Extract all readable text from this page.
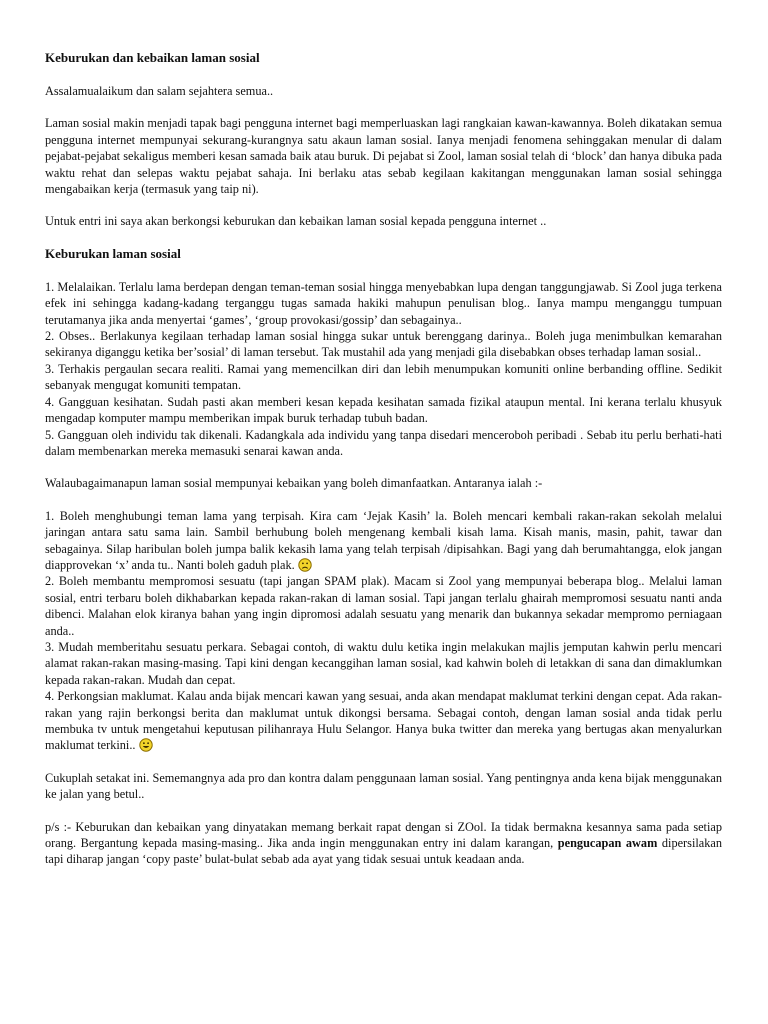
Keburukan dan kebaikan laman sosial
Assalamualaikum dan salam sejahtera semua..
Laman sosial makin menjadi tapak bagi pengguna internet bagi memperluaskan lagi rangkaian kawan-kawannya. Boleh dikatakan semua pengguna internet mempunyai sekurang-kurangnya satu akaun laman sosial. Ianya menjadi fenomena sehinggakan menular di dalam pejabat-pejabat sekaligus memberi kesan samada baik atau buruk. Di pejabat si Zool, laman sosial telah di ‘block’ dan hanya dibuka pada waktu rehat dan selepas waktu pejabat sahaja. Ini berlaku atas sebab kegilaan kakitangan menggunakan laman sosial sehingga mengabaikan kerja (termasuk yang taip ni).
Untuk entri ini saya akan berkongsi keburukan dan kebaikan laman sosial kepada pengguna internet ..
Keburukan laman sosial
1. Melalaikan. Terlalu lama berdepan dengan teman-teman sosial hingga menyebabkan lupa dengan tanggungjawab. Si Zool juga terkena efek ini sehingga kadang-kadang terganggu tugas samada hakiki mahupun penulisan blog.. Ianya mampu menganggu tumpuan terutamanya jika anda menyertai ‘games’, ‘group provokasi/gossip’ dan sebagainya..
2. Obses.. Berlakunya kegilaan terhadap laman sosial hingga sukar untuk berenggang darinya.. Boleh juga menimbulkan kemarahan sekiranya diganggu ketika ber’sosial’ di laman tersebut. Tak mustahil ada yang menjadi gila disebabkan obses terhadap laman sosial..
3. Terhakis pergaulan secara realiti. Ramai yang memencilkan diri dan lebih menumpukan komuniti online berbanding offline. Sedikit sebanyak mengugat komuniti tempatan.
4. Gangguan kesihatan. Sudah pasti akan memberi kesan kepada kesihatan samada fizikal ataupun mental. Ini kerana terlalu khusyuk mengadap komputer mampu memberikan impak buruk terhadap tubuh badan.
5. Gangguan oleh individu tak dikenali. Kadangkala ada individu yang tanpa disedari menceroboh peribadi . Sebab itu perlu berhati-hati dalam membenarkan mereka memasuki senarai kawan anda.
Walaubagaimanapun laman sosial mempunyai kebaikan yang boleh dimanfaatkan. Antaranya ialah :-
1. Boleh menghubungi teman lama yang terpisah. Kira cam ‘Jejak Kasih’ la. Boleh mencari kembali rakan-rakan sekolah melalui jaringan antara satu sama lain. Sambil berhubung boleh mengenang kembali kisah lama. Kisah manis, masin, pahit, tawar dan sebagainya. Silap haribulan boleh jumpa balik kekasih lama yang telah terpisah /dipisahkan. Bagi yang dah berumahtangga, elok jangan diapprovekan ‘x’ anda tu.. Nanti boleh gaduh plak.
2. Boleh membantu mempromosi sesuatu (tapi jangan SPAM plak). Macam si Zool yang mempunyai beberapa blog.. Melalui laman sosial, entri terbaru boleh dikhabarkan kepada rakan-rakan di laman sosial. Tapi jangan terlalu ghairah mempromosi sesuatu nanti anda dibenci. Malahan elok kiranya bahan yang ingin dipromosi adalah sesuatu yang menarik dan bukannya sekadar mempromo perniagaan anda..
3. Mudah memberitahu sesuatu perkara. Sebagai contoh, di waktu dulu ketika ingin melakukan majlis jemputan kahwin perlu mencari alamat rakan-rakan masing-masing. Tapi kini dengan kecanggihan laman sosial, kad kahwin boleh di letakkan di sana dan dimaklumkan kepada rakan-rakan. Mudah dan cepat.
4. Perkongsian maklumat. Kalau anda bijak mencari kawan yang sesuai, anda akan mendapat maklumat terkini dengan cepat. Ada rakan-rakan yang rajin berkongsi berita dan maklumat untuk dikongsi bersama. Sebagai contoh, dengan laman sosial anda tidak perlu membuka tv untuk mengetahui keputusan pilihanraya Hulu Selangor. Hanya buka twitter dan mereka yang bertugas akan menyalurkan maklumat terkini..
Cukuplah setakat ini. Sememangnya ada pro dan kontra dalam penggunaan laman sosial. Yang pentingnya anda kena bijak menggunakan ke jalan yang betul..
p/s :- Keburukan dan kebaikan yang dinyatakan memang berkait rapat dengan si ZOol. Ia tidak bermakna kesannya sama pada setiap orang. Bergantung kepada masing-masing.. Jika anda ingin menggunakan entry ini dalam karangan, pengucapan awam dipersilakan tapi diharap jangan ‘copy paste’ bulat-bulat sebab ada ayat yang tidak sesuai untuk keadaan anda.
